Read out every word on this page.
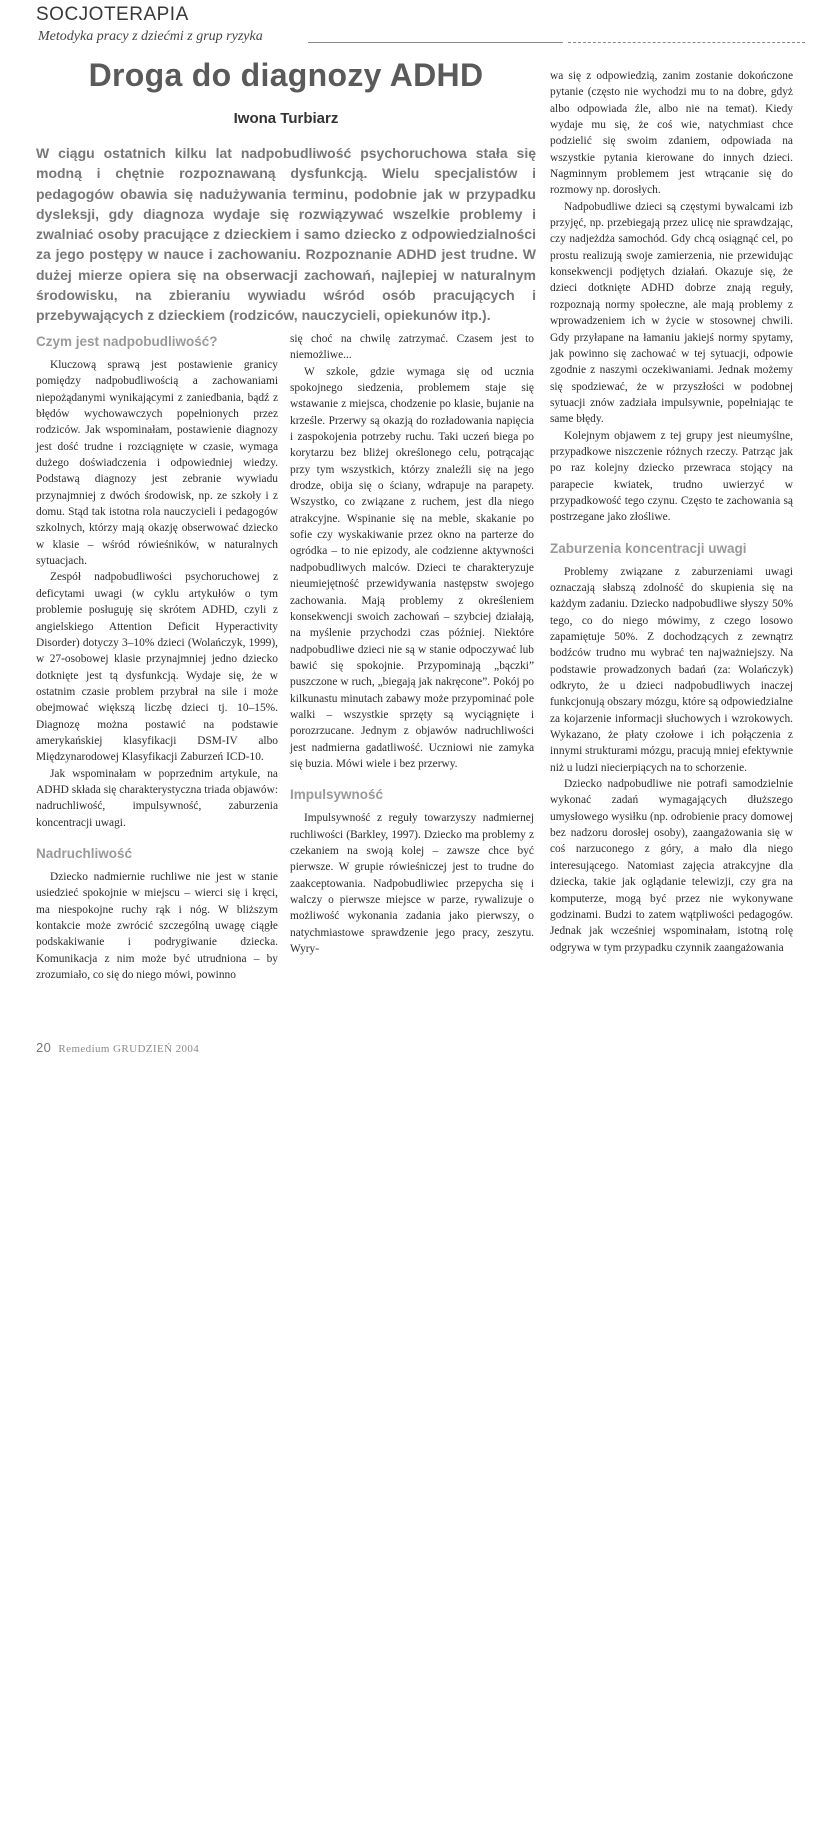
SOCJOTERAPIA
Metodyka pracy z dziećmi z grup ryzyka
Droga do diagnozy ADHD
Iwona Turbiarz

W ciągu ostatnich kilku lat nadpobudliwość psychoruchowa stała się modną i chętnie rozpoznawaną dysfunkcją. Wielu specjalistów i pedagogów obawia się nadużywania terminu, podobnie jak w przypadku dysleksji, gdy diagnoza wydaje się rozwiązywać wszelkie problemy i zwalniać osoby pracujące z dzieckiem i samo dziecko z odpowiedzialności za jego postępy w nauce i zachowaniu. Rozpoznanie ADHD jest trudne. W dużej mierze opiera się na obserwacji zachowań, najlepiej w naturalnym środowisku, na zbieraniu wywiadu wśród osób pracujących i przebywających z dzieckiem (rodziców, nauczycieli, opiekunów itp.).

Czym jest nadpobudliwość?

Kluczową sprawą jest postawienie granicy pomiędzy nadpobudliwością a zachowaniami niepożądanymi wynikającymi z zaniedbania, bądź z błędów wychowawczych popełnionych przez rodziców. Jak wspominałam, postawienie diagnozy jest dość trudne i rozciągnięte w czasie, wymaga dużego doświadczenia i odpowiedniej wiedzy. Podstawą diagnozy jest zebranie wywiadu przynajmniej z dwóch środowisk, np. ze szkoły i z domu. Stąd tak istotna rola nauczycieli i pedagogów szkolnych, którzy mają okazję obserwować dziecko w klasie – wśród rówieśników, w naturalnych sytuacjach.

Zespół nadpobudliwości psychoruchowej z deficytami uwagi (w cyklu artykułów o tym problemie posługuję się skrótem ADHD, czyli z angielskiego Attention Deficit Hyperactivity Disorder) dotyczy 3–10% dzieci (Wolańczyk, 1999), w 27-osobowej klasie przynajmniej jedno dziecko dotknięte jest tą dysfunkcją. Wydaje się, że w ostatnim czasie problem przybrał na sile i może obejmować większą liczbę dzieci tj. 10–15%. Diagnozę można postawić na podstawie amerykańskiej klasyfikacji DSM-IV albo Międzynarodowej Klasyfikacji Zaburzeń ICD-10.

Jak wspominałam w poprzednim artykule, na ADHD składa się charakterystyczna triada objawów: nadruchliwość, impulsywność, zaburzenia koncentracji uwagi.

Nadruchliwość

Dziecko nadmiernie ruchliwe nie jest w stanie usiedzieć spokojnie w miejscu – wierci się i kręci, ma niespokojne ruchy rąk i nóg. W bliższym kontakcie może zwrócić szczególną uwagę ciągłe podskakiwanie i podrygiwanie dziecka. Komunikacja z nim może być utrudniona – by zrozumiało, co się do niego mówi, powinno

się choć na chwilę zatrzymać. Czasem jest to niemożliwe...

W szkole, gdzie wymaga się od ucznia spokojnego siedzenia, problemem staje się wstawanie z miejsca, chodzenie po klasie, bujanie na krześle. Przerwy są okazją do rozładowania napięcia i zaspokojenia potrzeby ruchu. Taki uczeń biega po korytarzu bez bliżej określonego celu, potrącając przy tym wszystkich, którzy znaleźli się na jego drodze, obija się o ściany, wdrapuje na parapety. Wszystko, co związane z ruchem, jest dla niego atrakcyjne. Wspinanie się na meble, skakanie po sofie czy wyskakiwanie przez okno na parterze do ogródka – to nie epizody, ale codzienne aktywności nadpobudliwych malców. Dzieci te charakteryzuje nieumiejętność przewidywania następstw swojego zachowania. Mają problemy z określeniem konsekwencji swoich zachowań – szybciej działają, na myślenie przychodzi czas później. Niektóre nadpobudliwe dzieci nie są w stanie odpoczywać lub bawić się spokojnie. Przypominają „bączki” puszczone w ruch, „biegają jak nakręcone”. Pokój po kilkunastu minutach zabawy może przypominać pole walki – wszystkie sprzęty są wyciągnięte i porozrzucane. Jednym z objawów nadruchliwości jest nadmierna gadatliwość. Uczniowi nie zamyka się buzia. Mówi wiele i bez przerwy.

Impulsywność

Impulsywność z reguły towarzyszy nadmiernej ruchliwości (Barkley, 1997). Dziecko ma problemy z czekaniem na swoją kolej – zawsze chce być pierwsze. W grupie rówieśniczej jest to trudne do zaakceptowania. Nadpobudliwiec przepycha się i walczy o pierwsze miejsce w parze, rywalizuje o możliwość wykonania zadania jako pierwszy, o natychmiastowe sprawdzenie jego pracy, zeszytu. Wyry-

wa się z odpowiedzią, zanim zostanie dokończone pytanie (często nie wychodzi mu to na dobre, gdyż albo odpowiada źle, albo nie na temat). Kiedy wydaje mu się, że coś wie, natychmiast chce podzielić się swoim zdaniem, odpowiada na wszystkie pytania kierowane do innych dzieci. Nagminnym problemem jest wtrącanie się do rozmowy np. dorosłych.

Nadpobudliwe dzieci są częstymi bywalcami izb przyjęć, np. przebiegają przez ulicę nie sprawdzając, czy nadjeżdża samochód. Gdy chcą osiągnąć cel, po prostu realizują swoje zamierzenia, nie przewidując konsekwencji podjętych działań. Okazuje się, że dzieci dotknięte ADHD dobrze znają reguły, rozpoznają normy społeczne, ale mają problemy z wprowadzeniem ich w życie w stosownej chwili. Gdy przyłapane na łamaniu jakiejś normy spytamy, jak powinno się zachować w tej sytuacji, odpowie zgodnie z naszymi oczekiwaniami. Jednak możemy się spodziewać, że w przyszłości w podobnej sytuacji znów zadziała impulsywnie, popełniając te same błędy.

Kolejnym objawem z tej grupy jest nieumyślne, przypadkowe niszczenie różnych rzeczy. Patrząc jak po raz kolejny dziecko przewraca stojący na parapecie kwiatek, trudno uwierzyć w przypadkowość tego czynu. Często te zachowania są postrzegane jako złośliwe.

Zaburzenia koncentracji uwagi

Problemy związane z zaburzeniami uwagi oznaczają słabszą zdolność do skupienia się na każdym zadaniu. Dziecko nadpobudliwe słyszy 50% tego, co do niego mówimy, z czego losowo zapamiętuje 50%. Z dochodzących z zewnątrz bodźców trudno mu wybrać ten najważniejszy. Na podstawie prowadzonych badań (za: Wolańczyk) odkryto, że u dzieci nadpobudliwych inaczej funkcjonują obszary mózgu, które są odpowiedzialne za kojarzenie informacji słuchowych i wzrokowych. Wykazano, że płaty czołowe i ich połączenia z innymi strukturami mózgu, pracują mniej efektywnie niż u ludzi niecierpiących na to schorzenie.

Dziecko nadpobudliwe nie potrafi samodzielnie wykonać zadań wymagających dłuższego umysłowego wysiłku (np. odrobienie pracy domowej bez nadzoru dorosłej osoby), zaangażowania się w coś narzuconego z góry, a mało dla niego interesującego. Natomiast zajęcia atrakcyjne dla dziecka, takie jak oglądanie telewizji, czy gra na komputerze, mogą być przez nie wykonywane godzinami. Budzi to zatem wątpliwości pedagogów. Jednak jak wcześniej wspominałam, istotną rolę odgrywa w tym przypadku czynnik zaangażowania

20 Remedium GRUDZIEŃ 2004
